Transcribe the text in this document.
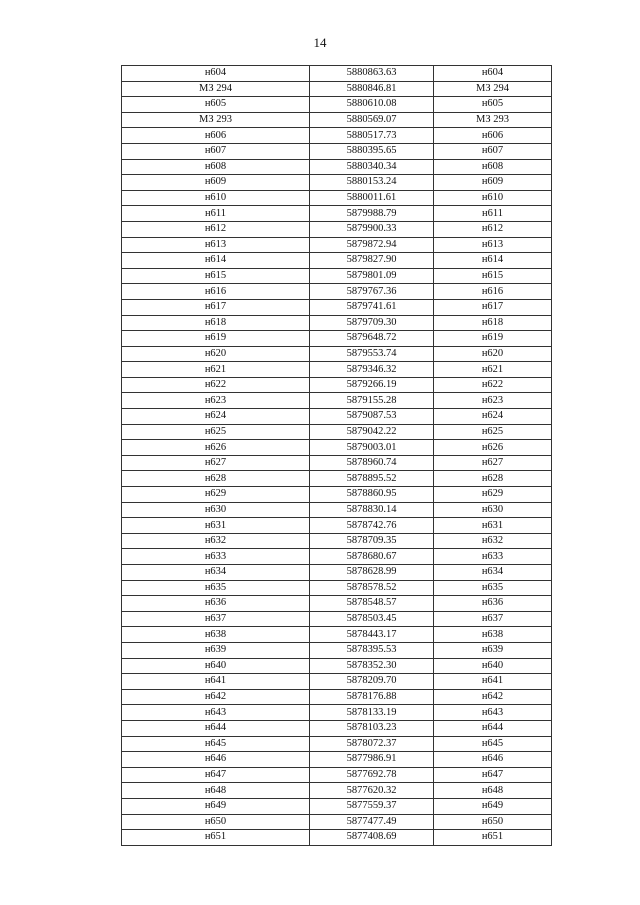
14
н604	5880863.63	н604
МЗ 294	5880846.81	МЗ 294
н605	5880610.08	н605
МЗ 293	5880569.07	МЗ 293
н606	5880517.73	н606
н607	5880395.65	н607
н608	5880340.34	н608
н609	5880153.24	н609
н610	5880011.61	н610
н611	5879988.79	н611
н612	5879900.33	н612
н613	5879872.94	н613
н614	5879827.90	н614
н615	5879801.09	н615
н616	5879767.36	н616
н617	5879741.61	н617
н618	5879709.30	н618
н619	5879648.72	н619
н620	5879553.74	н620
н621	5879346.32	н621
н622	5879266.19	н622
н623	5879155.28	н623
н624	5879087.53	н624
н625	5879042.22	н625
н626	5879003.01	н626
н627	5878960.74	н627
н628	5878895.52	н628
н629	5878860.95	н629
н630	5878830.14	н630
н631	5878742.76	н631
н632	5878709.35	н632
н633	5878680.67	н633
н634	5878628.99	н634
н635	5878578.52	н635
н636	5878548.57	н636
н637	5878503.45	н637
н638	5878443.17	н638
н639	5878395.53	н639
н640	5878352.30	н640
н641	5878209.70	н641
н642	5878176.88	н642
н643	5878133.19	н643
н644	5878103.23	н644
н645	5878072.37	н645
н646	5877986.91	н646
н647	5877692.78	н647
н648	5877620.32	н648
н649	5877559.37	н649
н650	5877477.49	н650
н651	5877408.69	н651
